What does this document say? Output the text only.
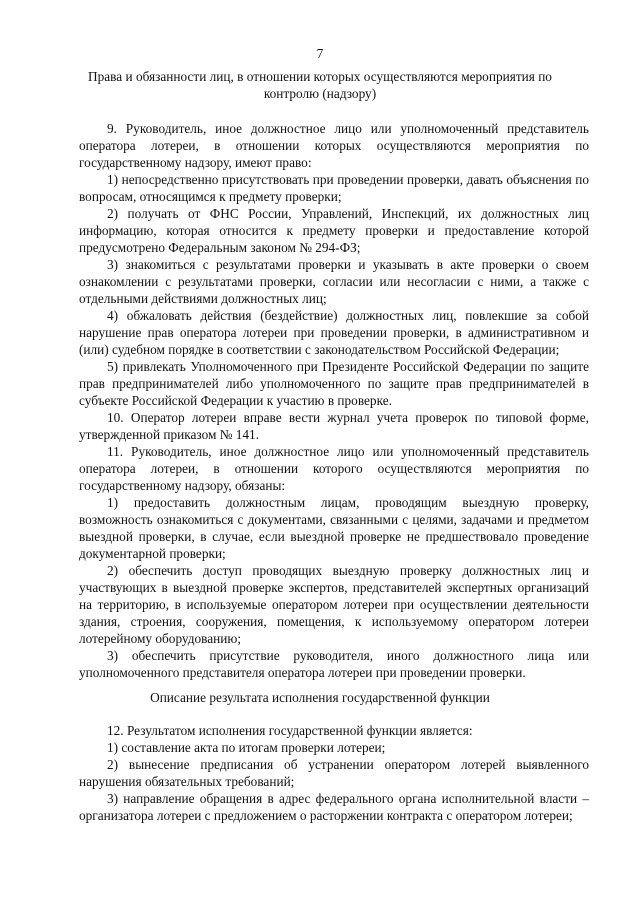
7

Права и обязанности лиц, в отношении которых осуществляются мероприятия по контролю (надзору)

9. Руководитель, иное должностное лицо или уполномоченный представитель оператора лотереи, в отношении которых осуществляются мероприятия по государственному надзору, имеют право:

1) непосредственно присутствовать при проведении проверки, давать объяснения по вопросам, относящимся к предмету проверки;

2) получать от ФНС России, Управлений, Инспекций, их должностных лиц информацию, которая относится к предмету проверки и предоставление которой предусмотрено Федеральным законом № 294-ФЗ;

3) знакомиться с результатами проверки и указывать в акте проверки о своем ознакомлении с результатами проверки, согласии или несогласии с ними, а также с отдельными действиями должностных лиц;

4) обжаловать действия (бездействие) должностных лиц, повлекшие за собой нарушение прав оператора лотереи при проведении проверки, в административном и (или) судебном порядке в соответствии с законодательством Российской Федерации;

5) привлекать Уполномоченного при Президенте Российской Федерации по защите прав предпринимателей либо уполномоченного по защите прав предпринимателей в субъекте Российской Федерации к участию в проверке.

10. Оператор лотереи вправе вести журнал учета проверок по типовой форме, утвержденной приказом № 141.

11. Руководитель, иное должностное лицо или уполномоченный представитель оператора лотереи, в отношении которого осуществляются мероприятия по государственному надзору, обязаны:

1) предоставить должностным лицам, проводящим выездную проверку, возможность ознакомиться с документами, связанными с целями, задачами и предметом выездной проверки, в случае, если выездной проверке не предшествовало проведение документарной проверки;

2) обеспечить доступ проводящих выездную проверку должностных лиц и участвующих в выездной проверке экспертов, представителей экспертных организаций на территорию, в используемые оператором лотереи при осуществлении деятельности здания, строения, сооружения, помещения, к используемому оператором лотереи лотерейному оборудованию;

3) обеспечить присутствие руководителя, иного должностного лица или уполномоченного представителя оператора лотереи при проведении проверки.

Описание результата исполнения государственной функции

12. Результатом исполнения государственной функции является:

1) составление акта по итогам проверки лотереи;

2) вынесение предписания об устранении оператором лотерей выявленного нарушения обязательных требований;

3) направление обращения в адрес федерального органа исполнительной власти – организатора лотереи с предложением о расторжении контракта с оператором лотереи;
